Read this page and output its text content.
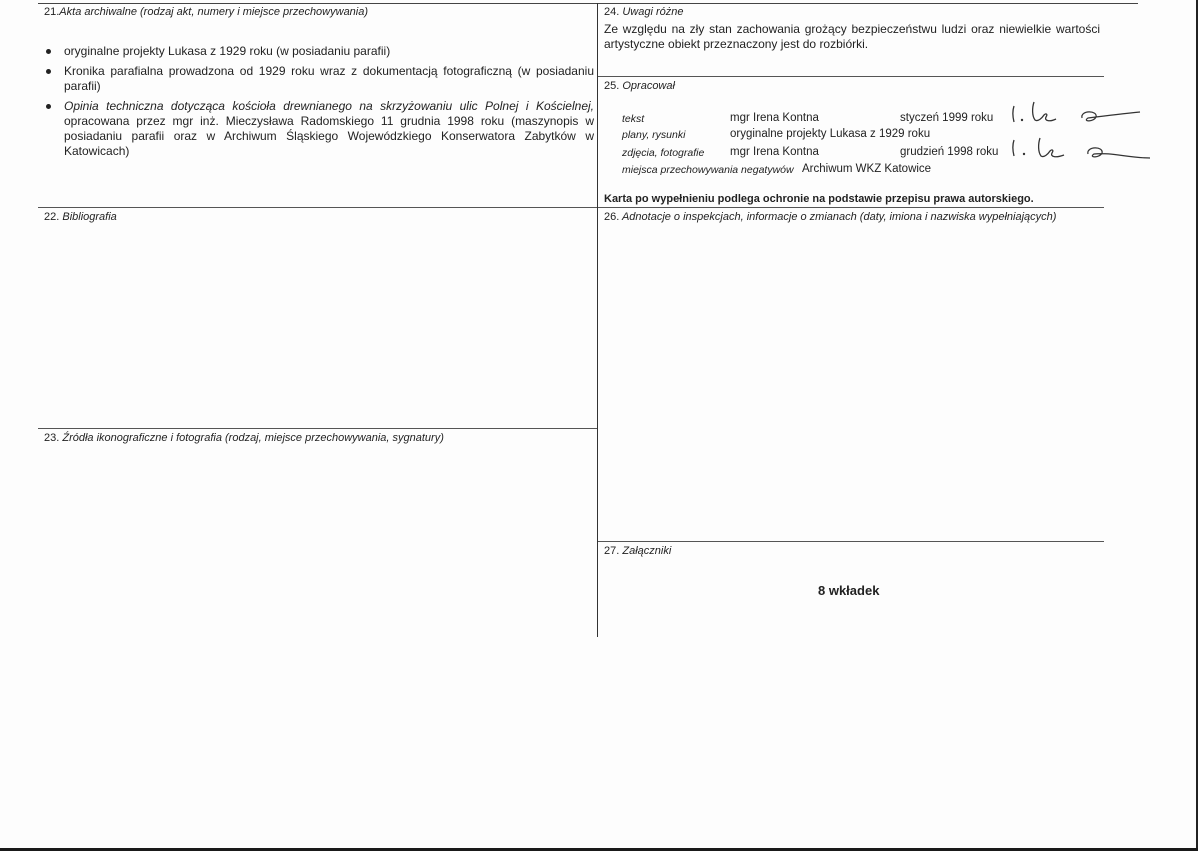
21.Akta archiwalne (rodzaj akt, numery i miejsce przechowywania)
oryginalne projekty Lukasa z 1929 roku (w posiadaniu parafii)
Kronika parafialna prowadzona od 1929 roku wraz z dokumentacją fotograficzną (w posiadaniu parafii)
Opinia techniczna dotycząca kościoła drewnianego na skrzyżowaniu ulic Polnej i Kościelnej, opracowana przez mgr inż. Mieczysława Radomskiego 11 grudnia 1998 roku (maszynopis w posiadaniu parafii oraz w Archiwum Śląskiego Wojewódzkiego Konserwatora Zabytków w Katowicach)
22. Bibliografia
23. Źródła ikonograficzne i fotografia (rodzaj, miejsce przechowywania, sygnatury)
24. Uwagi różne
Ze względu na zły stan zachowania grożący bezpieczeństwu ludzi oraz niewielkie wartości artystyczne obiekt przeznaczony jest do rozbiórki.
25. Opracował
tekst	mgr Irena Kontna	styczeń 1999 roku
plany, rysunki	oryginalne projekty Lukasa z 1929 roku
zdjęcia, fotografie mgr Irena Kontna	grudzień 1998 roku
miejsca przechowywania negatywów Archiwum WKZ Katowice
Karta po wypełnieniu podlega ochronie na podstawie przepisu prawa autorskiego.
26. Adnotacje o inspekcjach, informacje o zmianach (daty, imiona i nazwiska wypełniających)
27. Załączniki
8 wkładek
